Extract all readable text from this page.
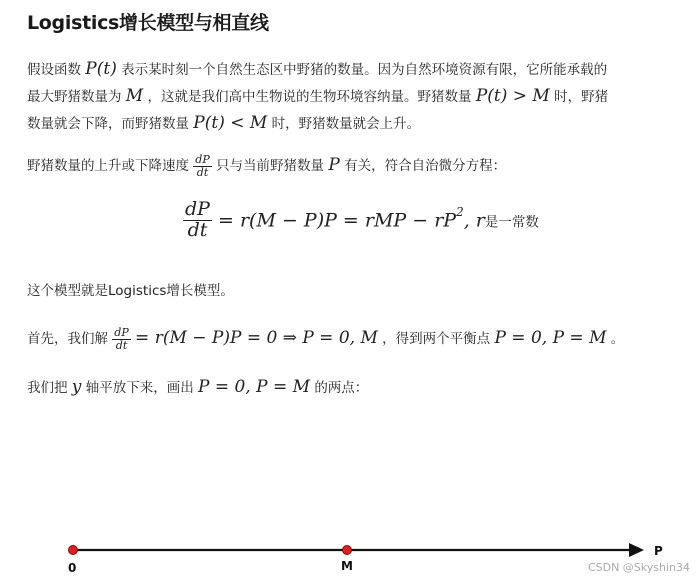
Logistics增长模型与相直线
假设函数 P(t) 表示某时刻一个自然生态区中野猪的数量。因为自然环境资源有限，它所能承载的
最大野猪数量为 M ，这就是我们高中生物说的生物环境容纳量。野猪数量 P(t) > M 时，野猪
数量就会下降，而野猪数量 P(t) < M 时，野猪数量就会上升。
野猪数量的上升或下降速度 $\frac{dP}{dt}$ 只与当前野猪数量 P 有关，符合自治微分方程：
$\frac{dP}{dt} = r(M - P)P$ = rMP − $rP^2$, r是一常数
这个模型就是Logistics增长模型。
首先，我们解 $\frac{dP}{dt} = r(M - P)P = 0$ ⇒ P = 0, M ，得到两个平衡点 P = 0, P = M 。
我们把 y 轴平放下来，画出 P = 0, P = M 的两点：
0	M
P
CSDN @Skyshin34
